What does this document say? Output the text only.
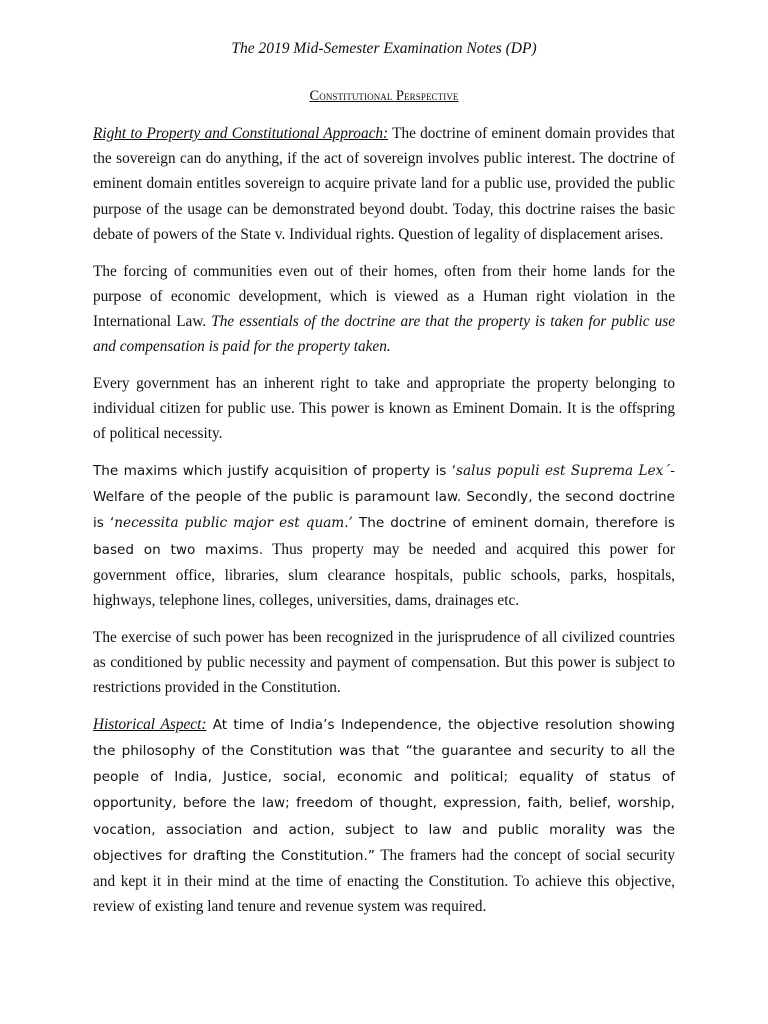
The 2019 Mid-Semester Examination Notes (DP)
Constitutional Perspective

Right to Property and Constitutional Approach: The doctrine of eminent domain provides that the sovereign can do anything, if the act of sovereign involves public interest. The doctrine of eminent domain entitles sovereign to acquire private land for a public use, provided the public purpose of the usage can be demonstrated beyond doubt. Today, this doctrine raises the basic debate of powers of the State v. Individual rights. Question of legality of displacement arises.

The forcing of communities even out of their homes, often from their home lands for the purpose of economic development, which is viewed as a Human right violation in the International Law. The essentials of the doctrine are that the property is taken for public use and compensation is paid for the property taken.

Every government has an inherent right to take and appropriate the property belonging to individual citizen for public use. This power is known as Eminent Domain. It is the offspring of political necessity.

The maxims which justify acquisition of property is ‘salus populi est Suprema Lex´- Welfare of the people of the public is paramount law. Secondly, the second doctrine is ‘necessita public major est quam.’ The doctrine of eminent domain, therefore is based on two maxims. Thus property may be needed and acquired this power for government office, libraries, slum clearance hospitals, public schools, parks, hospitals, highways, telephone lines, colleges, universities, dams, drainages etc.

The exercise of such power has been recognized in the jurisprudence of all civilized countries as conditioned by public necessity and payment of compensation. But this power is subject to restrictions provided in the Constitution.

Historical Aspect: At time of India’s Independence, the objective resolution showing the philosophy of the Constitution was that “the guarantee and security to all the people of India, Justice, social, economic and political; equality of status of opportunity, before the law; freedom of thought, expression, faith, belief, worship, vocation, association and action, subject to law and public morality was the objectives for drafting the Constitution.” The framers had the concept of social security and kept it in their mind at the time of enacting the Constitution. To achieve this objective, review of existing land tenure and revenue system was required.
